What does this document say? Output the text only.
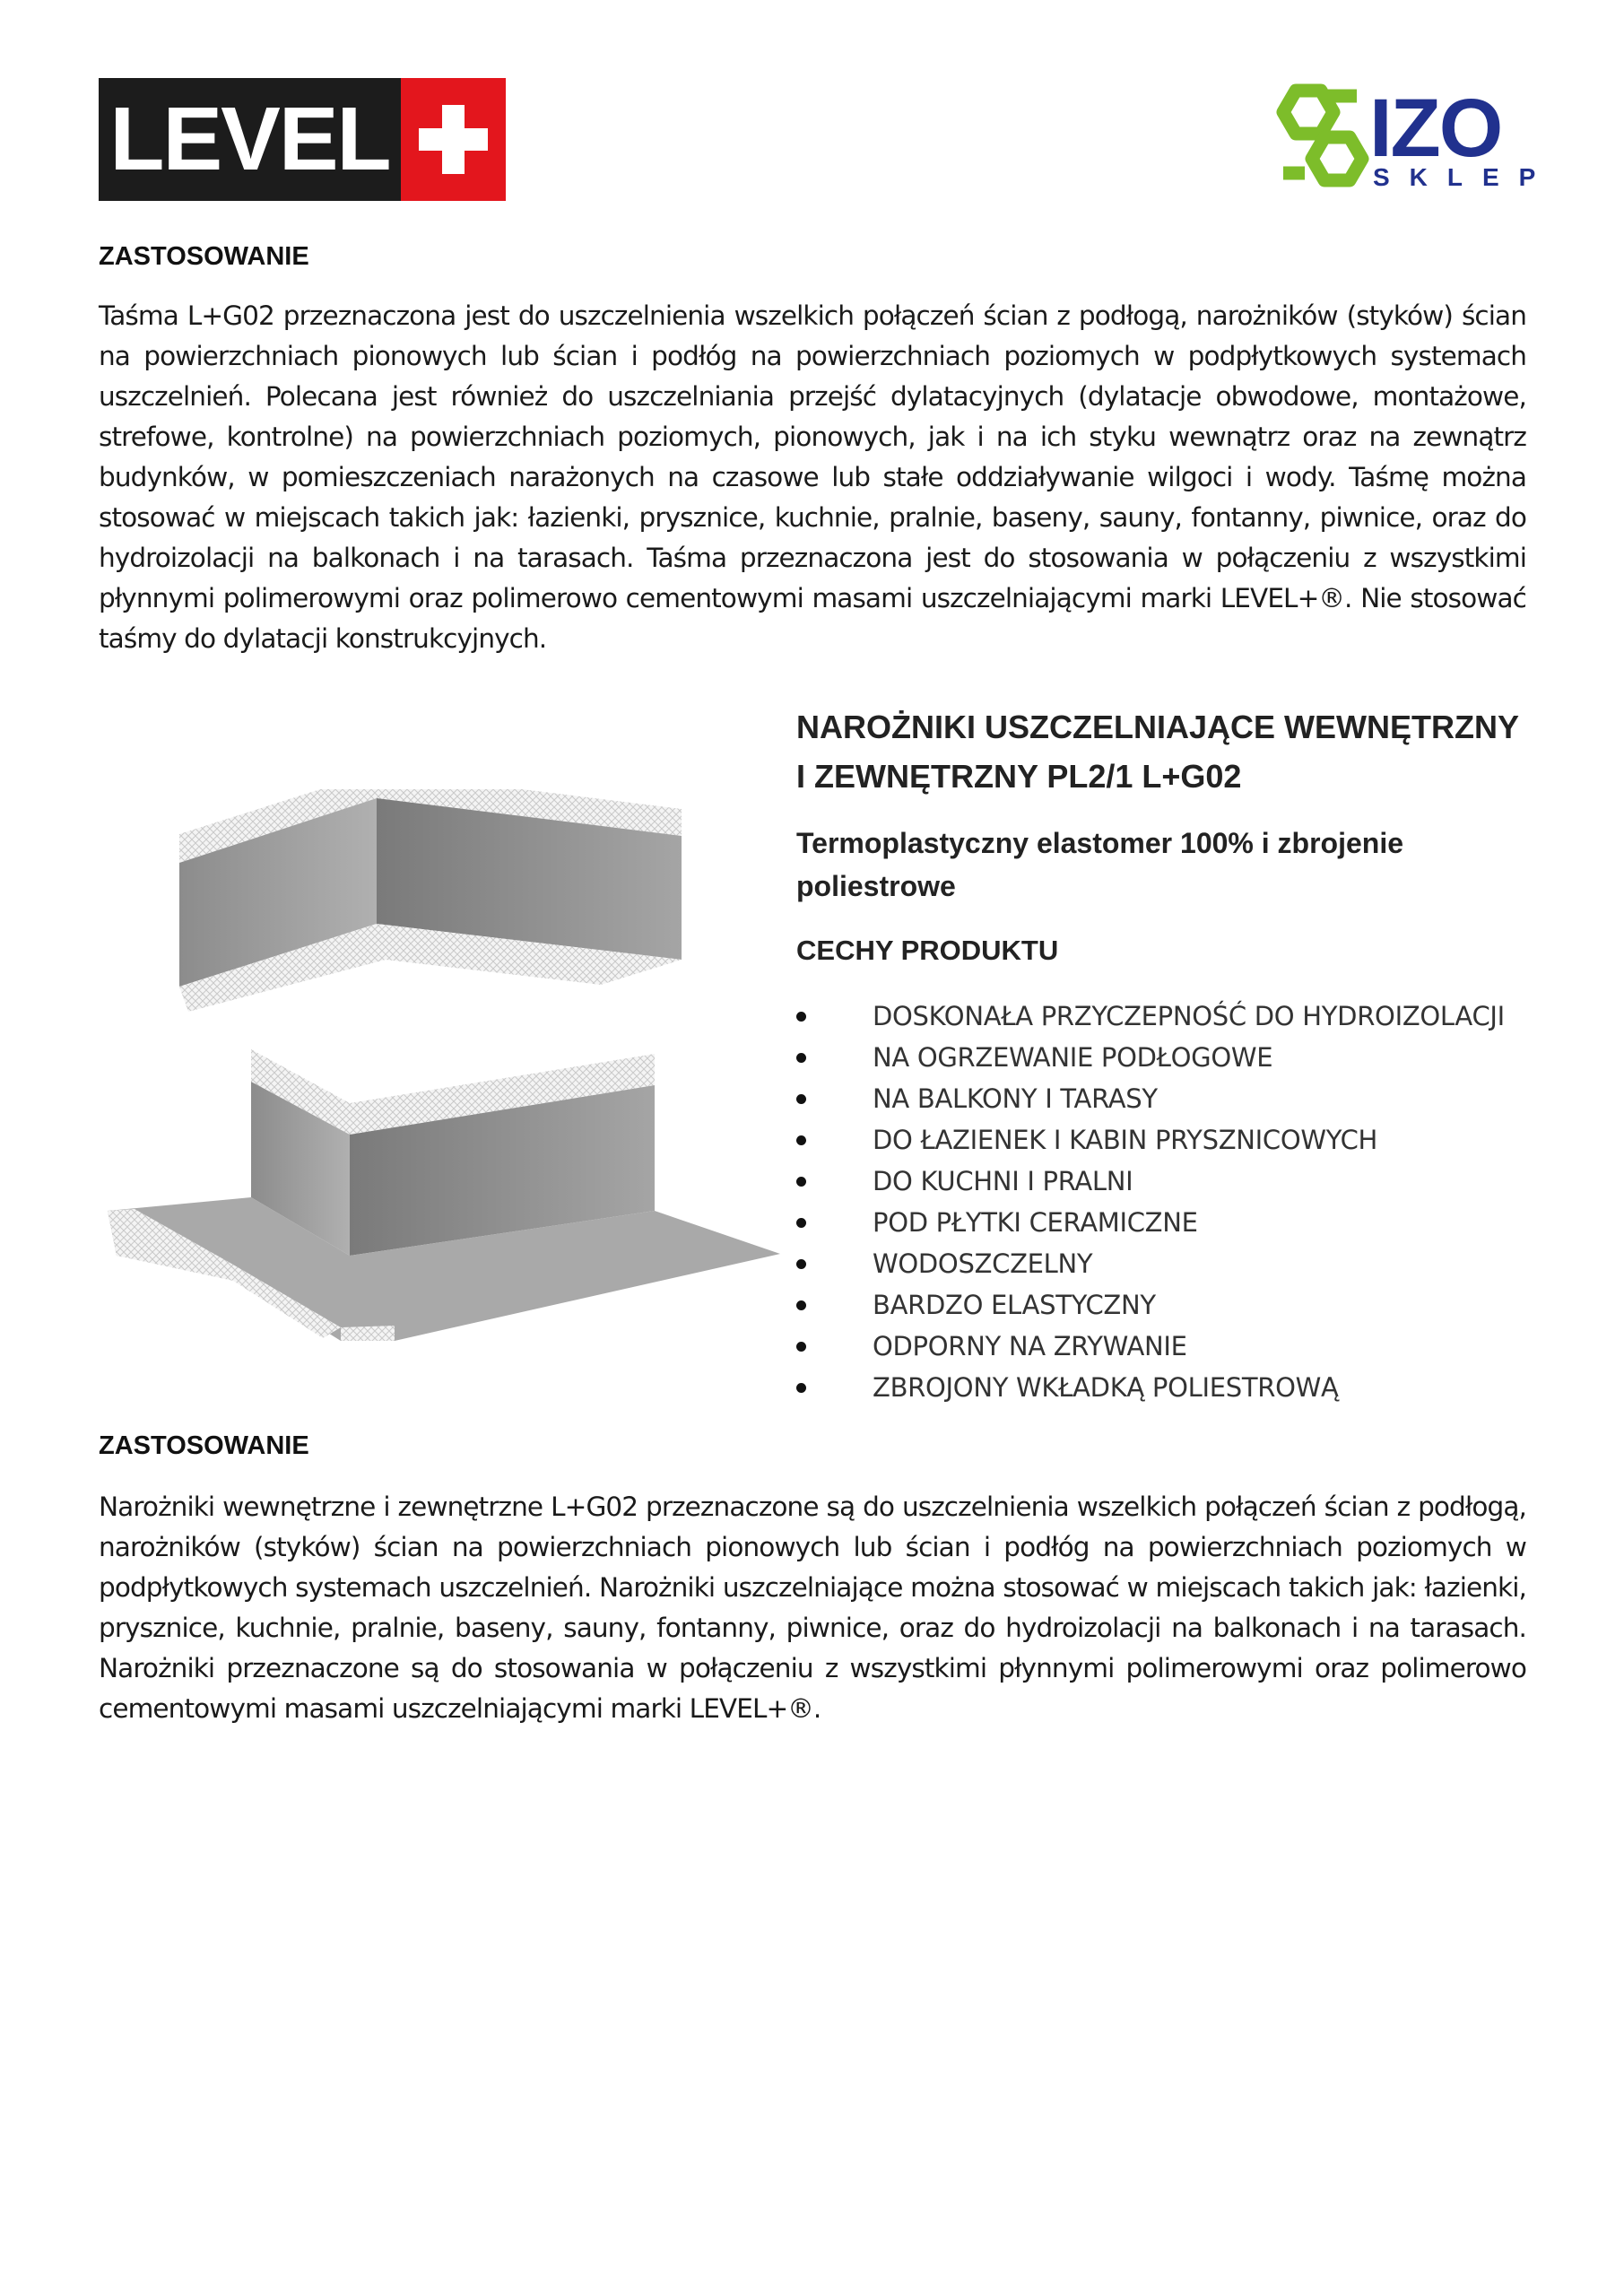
LEVEL	IZO
SKLEP
ZASTOSOWANIE
Taśma L+G02 przeznaczona jest do uszczelnienia wszelkich połączeń ścian z podłogą, narożników (styków) ścian na powierzchniach pionowych lub ścian i podłóg na powierzchniach poziomych w podpłytkowych systemach uszczelnień. Polecana jest również do uszczelniania przejść dylatacyjnych (dylatacje obwodowe, montażowe, strefowe, kontrolne) na powierzchniach poziomych, pionowych, jak i na ich styku wewnątrz oraz na zewnątrz budynków, w pomieszczeniach narażonych na czasowe lub stałe oddziaływanie wilgoci i wody. Taśmę można stosować w miejscach takich jak: łazienki, prysznice, kuchnie, pralnie, baseny, sauny, fontanny, piwnice, oraz do hydroizolacji na balkonach i na tarasach. Taśma przeznaczona jest do stosowania w połączeniu z wszystkimi płynnymi polimerowymi oraz polimerowo cementowymi masami uszczelniającymi marki LEVEL+®. Nie stosować taśmy do dylatacji konstrukcyjnych.
NAROŻNIKI USZCZELNIAJĄCE WEWNĘTRZNY I ZEWNĘTRZNY PL2/1 L+G02
Termoplastyczny elastomer 100% i zbrojenie poliestrowe
CECHY PRODUKTU
DOSKONAŁA PRZYCZEPNOŚĆ DO HYDROIZOLACJI
NA OGRZEWANIE PODŁOGOWE
NA BALKONY I TARASY
DO ŁAZIENEK I KABIN PRYSZNICOWYCH
DO KUCHNI I PRALNI
POD PŁYTKI CERAMICZNE
WODOSZCZELNY
BARDZO ELASTYCZNY
ODPORNY NA ZRYWANIE
ZBROJONY WKŁADKĄ POLIESTROWĄ
ZASTOSOWANIE
Narożniki wewnętrzne i zewnętrzne L+G02 przeznaczone są do uszczelnienia wszelkich połączeń ścian z podłogą, narożników (styków) ścian na powierzchniach pionowych lub ścian i podłóg na powierzchniach poziomych w podpłytkowych systemach uszczelnień. Narożniki uszczelniające można stosować w miejscach takich jak: łazienki, prysznice, kuchnie, pralnie, baseny, sauny, fontanny, piwnice, oraz do hydroizolacji na balkonach i na tarasach. Narożniki przeznaczone są do stosowania w połączeniu z wszystkimi płynnymi polimerowymi oraz polimerowo cementowymi masami uszczelniającymi marki LEVEL+®.
